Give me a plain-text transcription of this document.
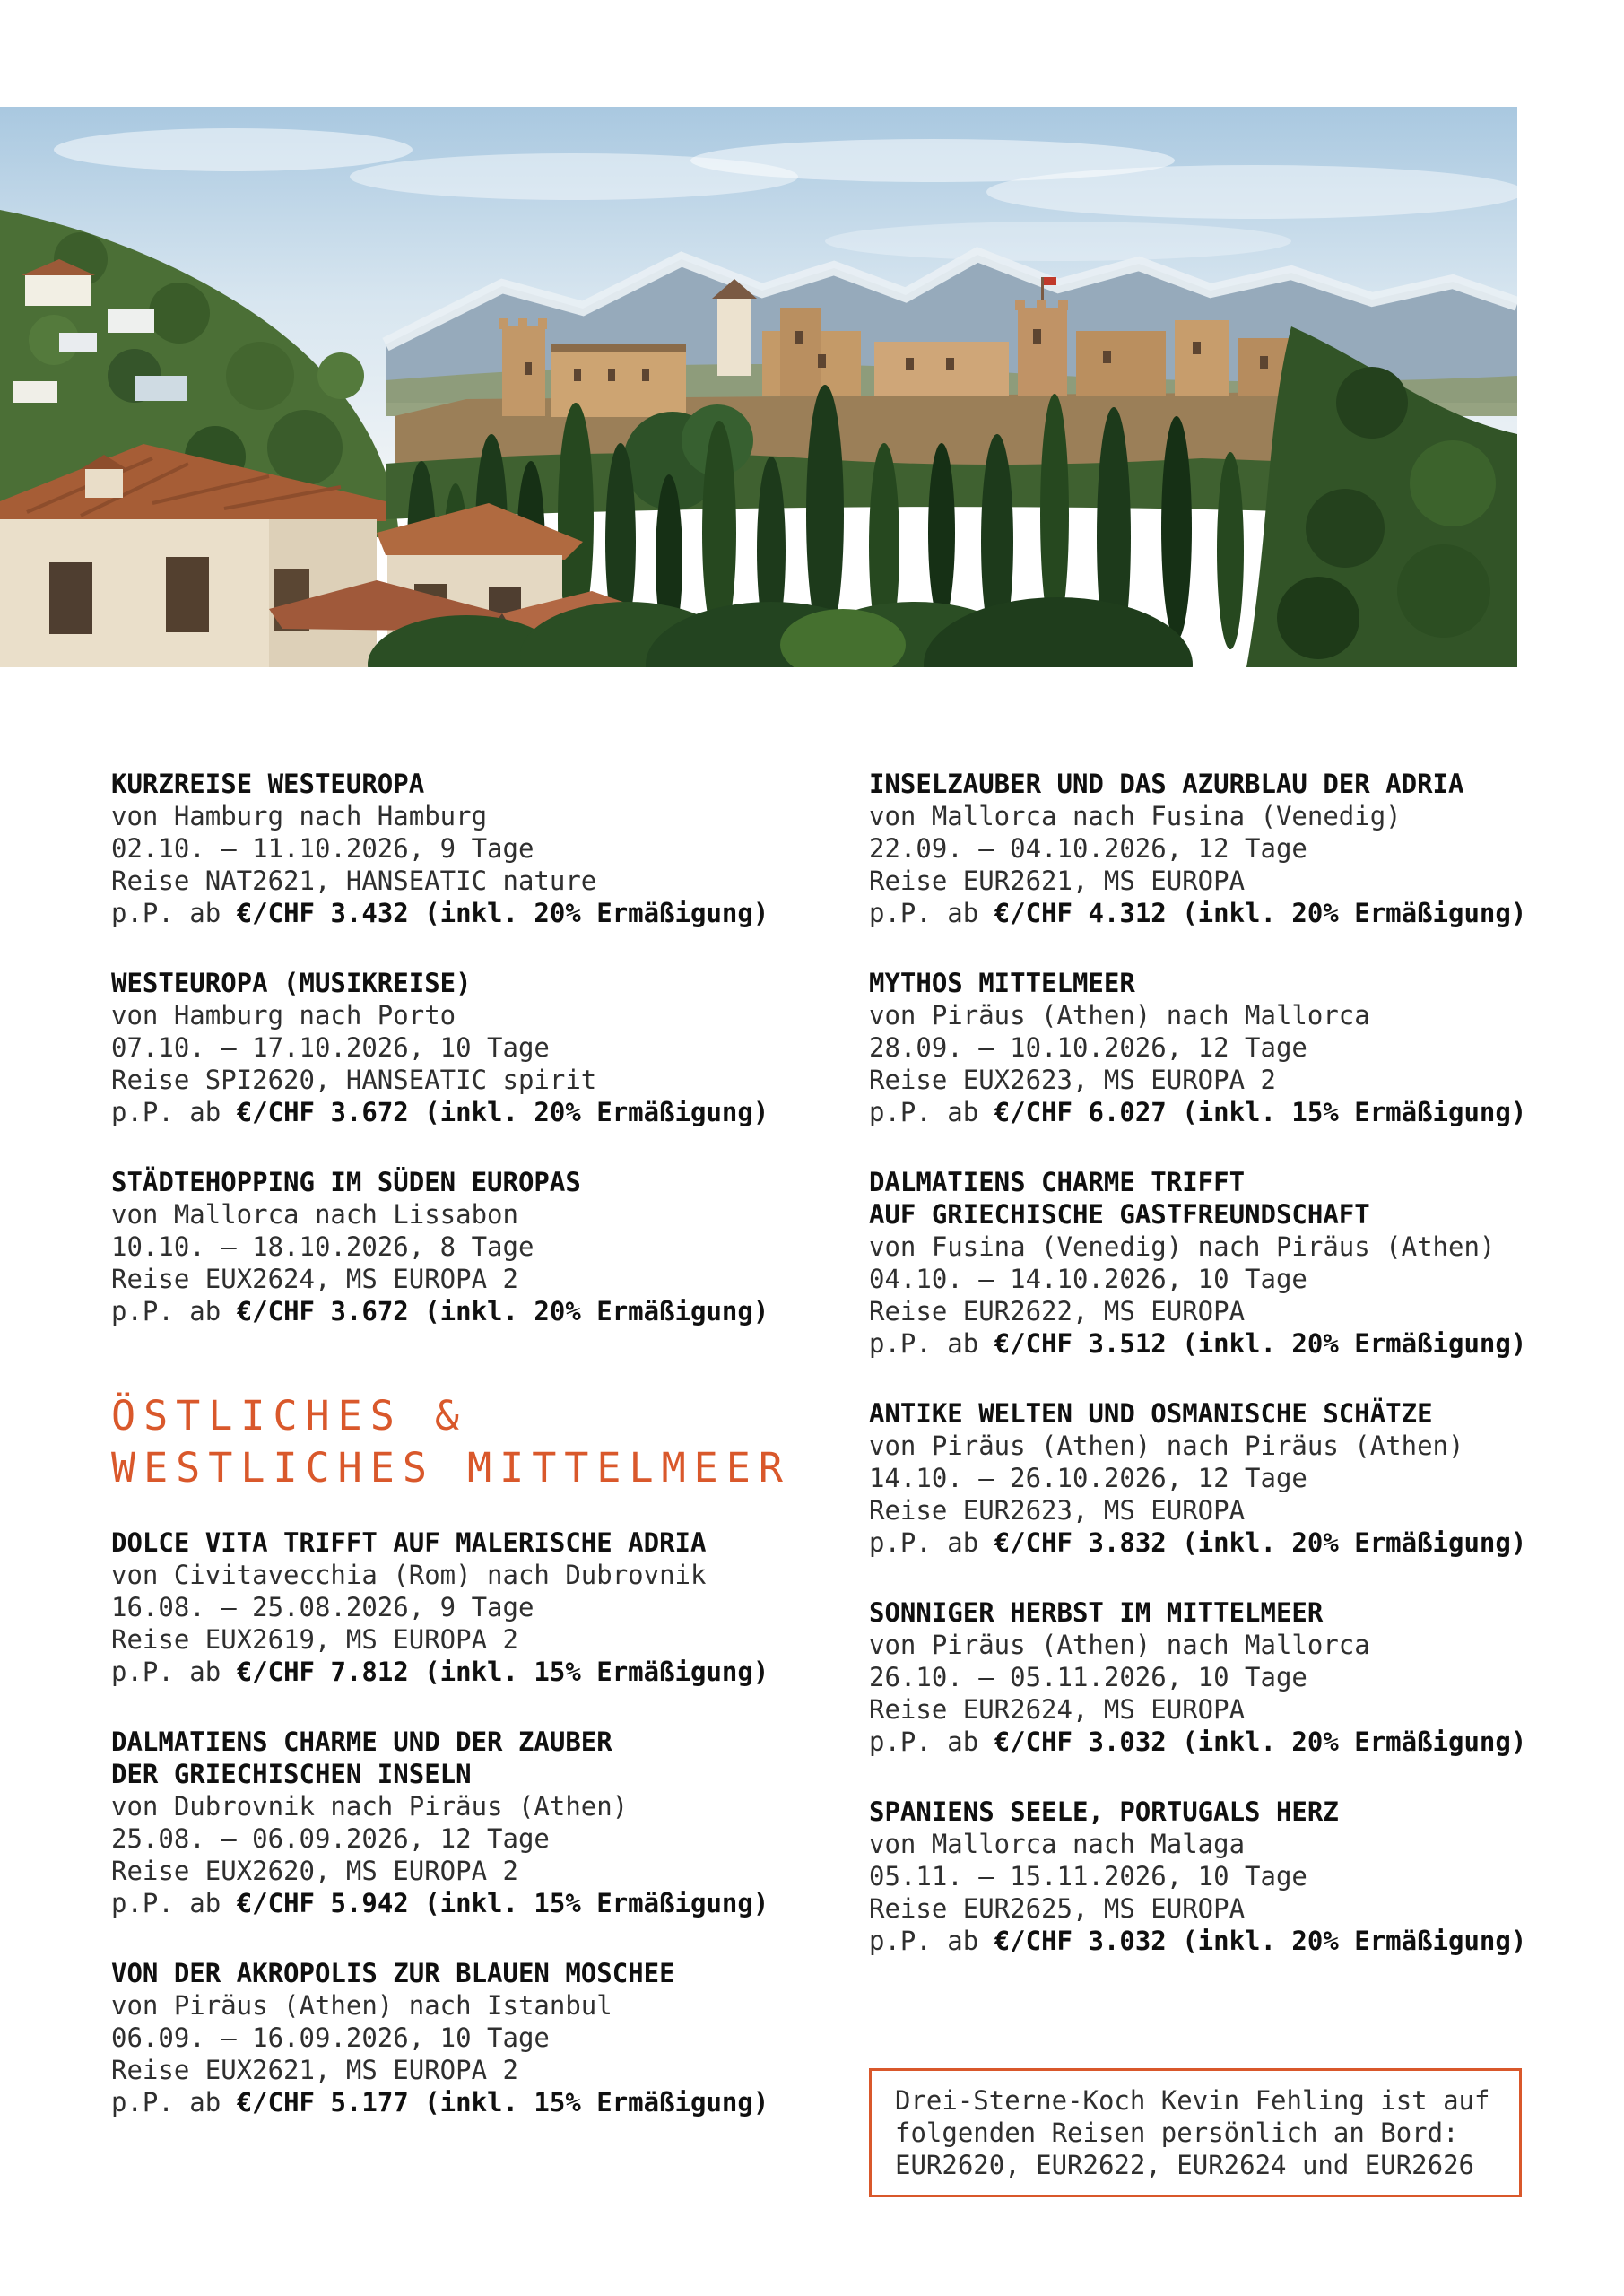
KURZREISE WESTEUROPA
von Hamburg nach Hamburg
02.10. – 11.10.2026, 9 Tage
Reise NAT2621, HANSEATIC nature
p.P. ab €/CHF 3.432 (inkl. 20% Ermäßigung)
WESTEUROPA (MUSIKREISE)
von Hamburg nach Porto
07.10. – 17.10.2026, 10 Tage
Reise SPI2620, HANSEATIC spirit
p.P. ab €/CHF 3.672 (inkl. 20% Ermäßigung)
STÄDTEHOPPING IM SÜDEN EUROPAS
von Mallorca nach Lissabon
10.10. – 18.10.2026, 8 Tage
Reise EUX2624, MS EUROPA 2
p.P. ab €/CHF 3.672 (inkl. 20% Ermäßigung)
ÖSTLICHES &
WESTLICHES MITTELMEER
DOLCE VITA TRIFFT AUF MALERISCHE ADRIA
von Civitavecchia (Rom) nach Dubrovnik
16.08. – 25.08.2026, 9 Tage
Reise EUX2619, MS EUROPA 2
p.P. ab €/CHF 7.812 (inkl. 15% Ermäßigung)
DALMATIENS CHARME UND DER ZAUBER
DER GRIECHISCHEN INSELN
von Dubrovnik nach Piräus (Athen)
25.08. – 06.09.2026, 12 Tage
Reise EUX2620, MS EUROPA 2
p.P. ab €/CHF 5.942 (inkl. 15% Ermäßigung)
VON DER AKROPOLIS ZUR BLAUEN MOSCHEE
von Piräus (Athen) nach Istanbul
06.09. – 16.09.2026, 10 Tage
Reise EUX2621, MS EUROPA 2
p.P. ab €/CHF 5.177 (inkl. 15% Ermäßigung)
INSELZAUBER UND DAS AZURBLAU DER ADRIA
von Mallorca nach Fusina (Venedig)
22.09. – 04.10.2026, 12 Tage
Reise EUR2621, MS EUROPA
p.P. ab €/CHF 4.312 (inkl. 20% Ermäßigung)
MYTHOS MITTELMEER
von Piräus (Athen) nach Mallorca
28.09. – 10.10.2026, 12 Tage
Reise EUX2623, MS EUROPA 2
p.P. ab €/CHF 6.027 (inkl. 15% Ermäßigung)
DALMATIENS CHARME TRIFFT
AUF GRIECHISCHE GASTFREUNDSCHAFT
von Fusina (Venedig) nach Piräus (Athen)
04.10. – 14.10.2026, 10 Tage
Reise EUR2622, MS EUROPA
p.P. ab €/CHF 3.512 (inkl. 20% Ermäßigung)
ANTIKE WELTEN UND OSMANISCHE SCHÄTZE
von Piräus (Athen) nach Piräus (Athen)
14.10. – 26.10.2026, 12 Tage
Reise EUR2623, MS EUROPA
p.P. ab €/CHF 3.832 (inkl. 20% Ermäßigung)
SONNIGER HERBST IM MITTELMEER
von Piräus (Athen) nach Mallorca
26.10. – 05.11.2026, 10 Tage
Reise EUR2624, MS EUROPA
p.P. ab €/CHF 3.032 (inkl. 20% Ermäßigung)
SPANIENS SEELE, PORTUGALS HERZ
von Mallorca nach Malaga
05.11. – 15.11.2026, 10 Tage
Reise EUR2625, MS EUROPA
p.P. ab €/CHF 3.032 (inkl. 20% Ermäßigung)
Drei-Sterne-Koch Kevin Fehling ist auf
folgenden Reisen persönlich an Bord:
EUR2620, EUR2622, EUR2624 und EUR2626
